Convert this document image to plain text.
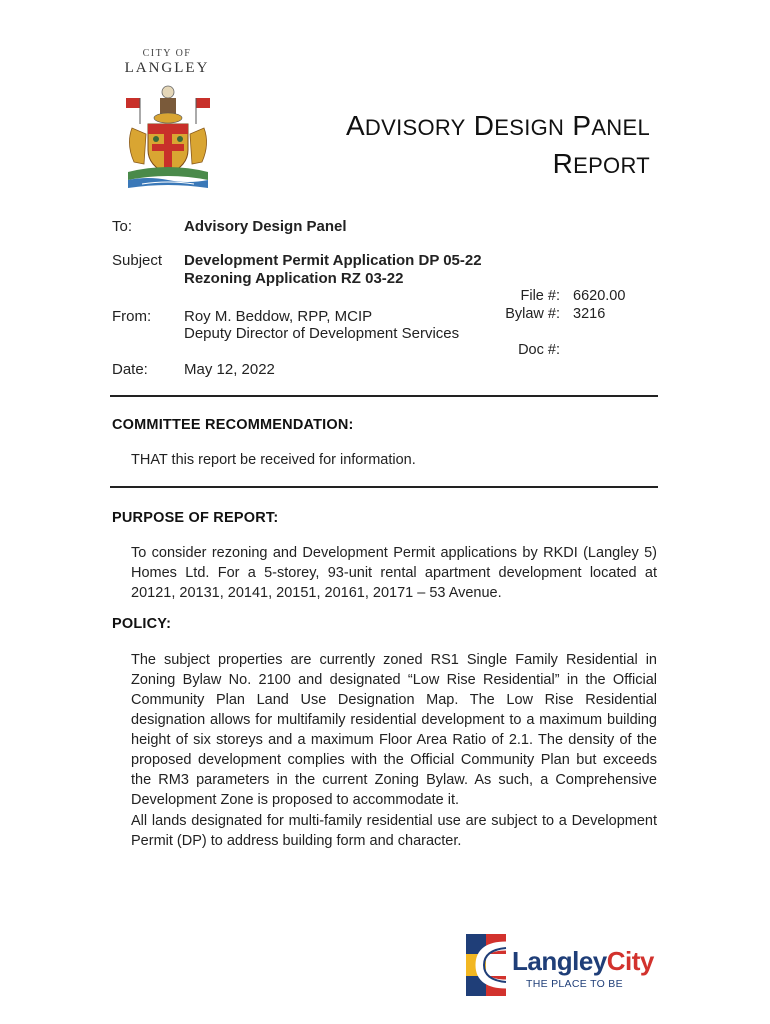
CITY OF
LANGLEY
ADVISORY DESIGN PANEL
REPORT
To:	Advisory Design Panel
Subject Development Permit Application DP 05-22
Rezoning Application RZ 03-22
From: Roy M. Beddow, RPP, MCIP
Deputy Director of Development Services
Date: May 12, 2022
File #: 6620.00
Bylaw #: 3216
Doc #:
COMMITTEE RECOMMENDATION:
THAT this report be received for information.
PURPOSE OF REPORT:
To consider rezoning and Development Permit applications by RKDI (Langley 5) Homes Ltd. For a 5-storey, 93-unit rental apartment development located at 20121, 20131, 20141, 20151, 20161, 20171 – 53 Avenue.
POLICY:
The subject properties are currently zoned RS1 Single Family Residential in Zoning Bylaw No. 2100 and designated “Low Rise Residential” in the Official Community Plan Land Use Designation Map. The Low Rise Residential designation allows for multifamily residential development to a maximum building height of six storeys and a maximum Floor Area Ratio of 2.1. The density of the proposed development complies with the Official Community Plan but exceeds the RM3 parameters in the current Zoning Bylaw. As such, a Comprehensive Development Zone is proposed to accommodate it.
All lands designated for multi-family residential use are subject to a Development Permit (DP) to address building form and character.
LangleyCity
THE PLACE TO BE
